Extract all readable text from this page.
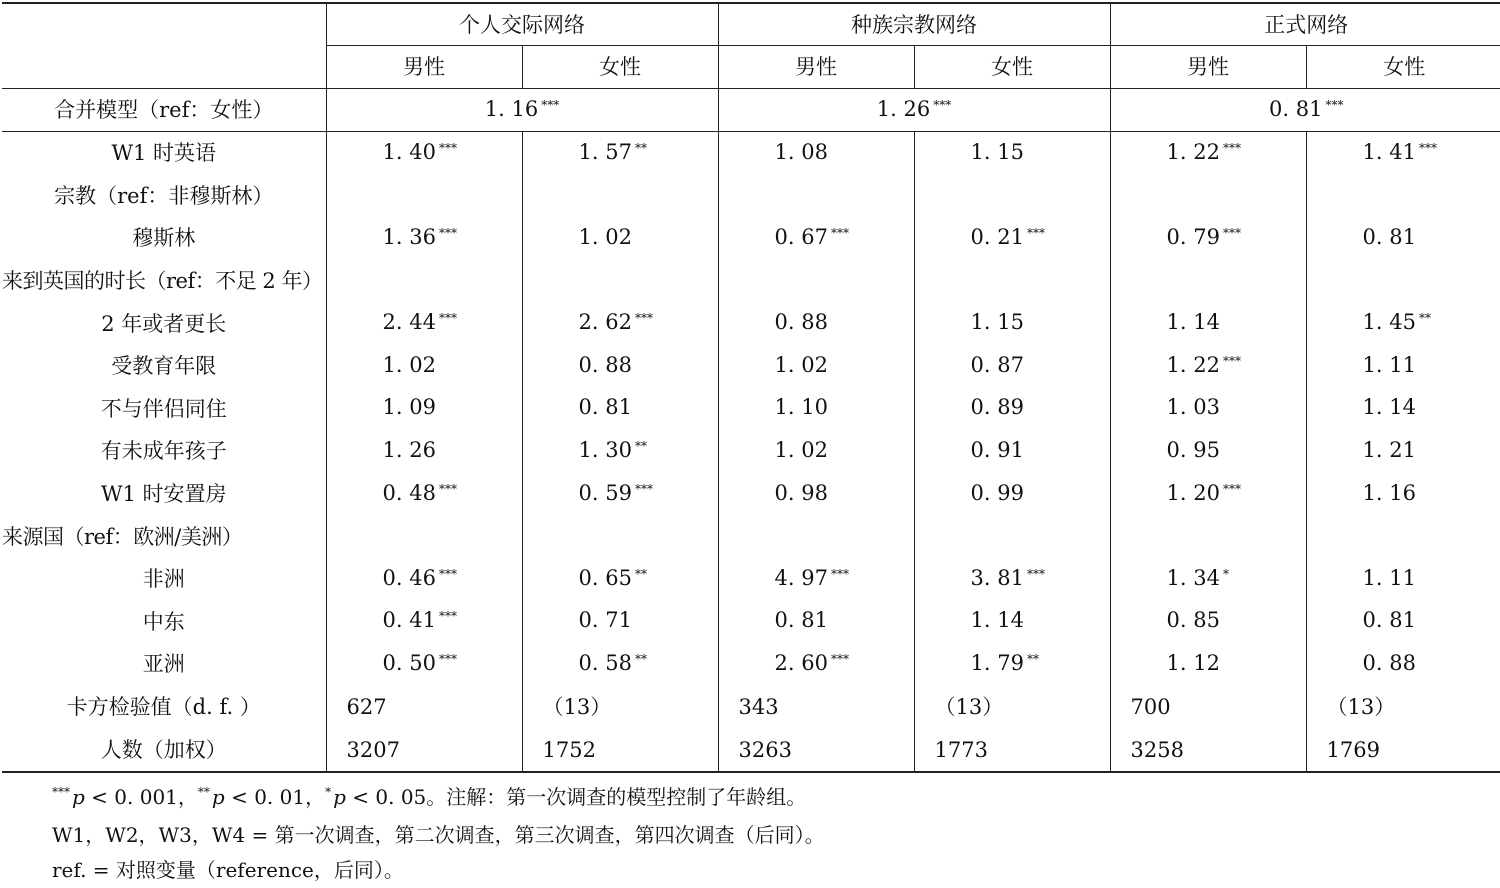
	个人交际网络		种族宗教网络		正式网络	
	男性	女性	男性	女性	男性	女性
合并模型（ref：女性）	1. 16 ***		1. 26 ***		0. 81 ***
W1 时英语	1. 40 ***	1. 57 **	1. 08	1. 15	1. 22 ***	1. 41 ***
宗教（ref：非穆斯林）						
穆斯林	1. 36 ***	1. 02	0. 67 ***	0. 21 ***	0. 79 ***	0. 81
来到英国的时长（ref：不足 2 年）						
2 年或者更长	2. 44 ***	2. 62 ***	0. 88	1. 15	1. 14	1. 45 **
受教育年限	1. 02	0. 88	1. 02	0. 87	1. 22 ***	1. 11
不与伴侣同住	1. 09	0. 81	1. 10	0. 89	1. 03	1. 14
有未成年孩子	1. 26	1. 30 **	1. 02	0. 91	0. 95	1. 21
W1 时安置房	0. 48 ***	0. 59 ***	0. 98	0. 99	1. 20 ***	1. 16
来源国（ref：欧洲/美洲）						
非洲	0. 46 ***	0. 65 **	4. 97 ***	3. 81 ***	1. 34 *	1. 11
中东	0. 41 ***	0. 71	0. 81	1. 14	0. 85	0. 81
亚洲	0. 50 ***	0. 58 **	2. 60 ***	1. 79 **	1. 12	0. 88
卡方检验值（d. f. ）	627	（13）	343	（13）	700	（13）
人数（加权）	3207	1752	3263	1773	3258	1769
*** p < 0. 001，** p < 0. 01，* p < 0. 05。注解：第一次调查的模型控制了年龄组。
W1，W2，W3，W4 = 第一次调查，第二次调查，第三次调查，第四次调查（后同）。
ref. = 对照变量（reference，后同）。
